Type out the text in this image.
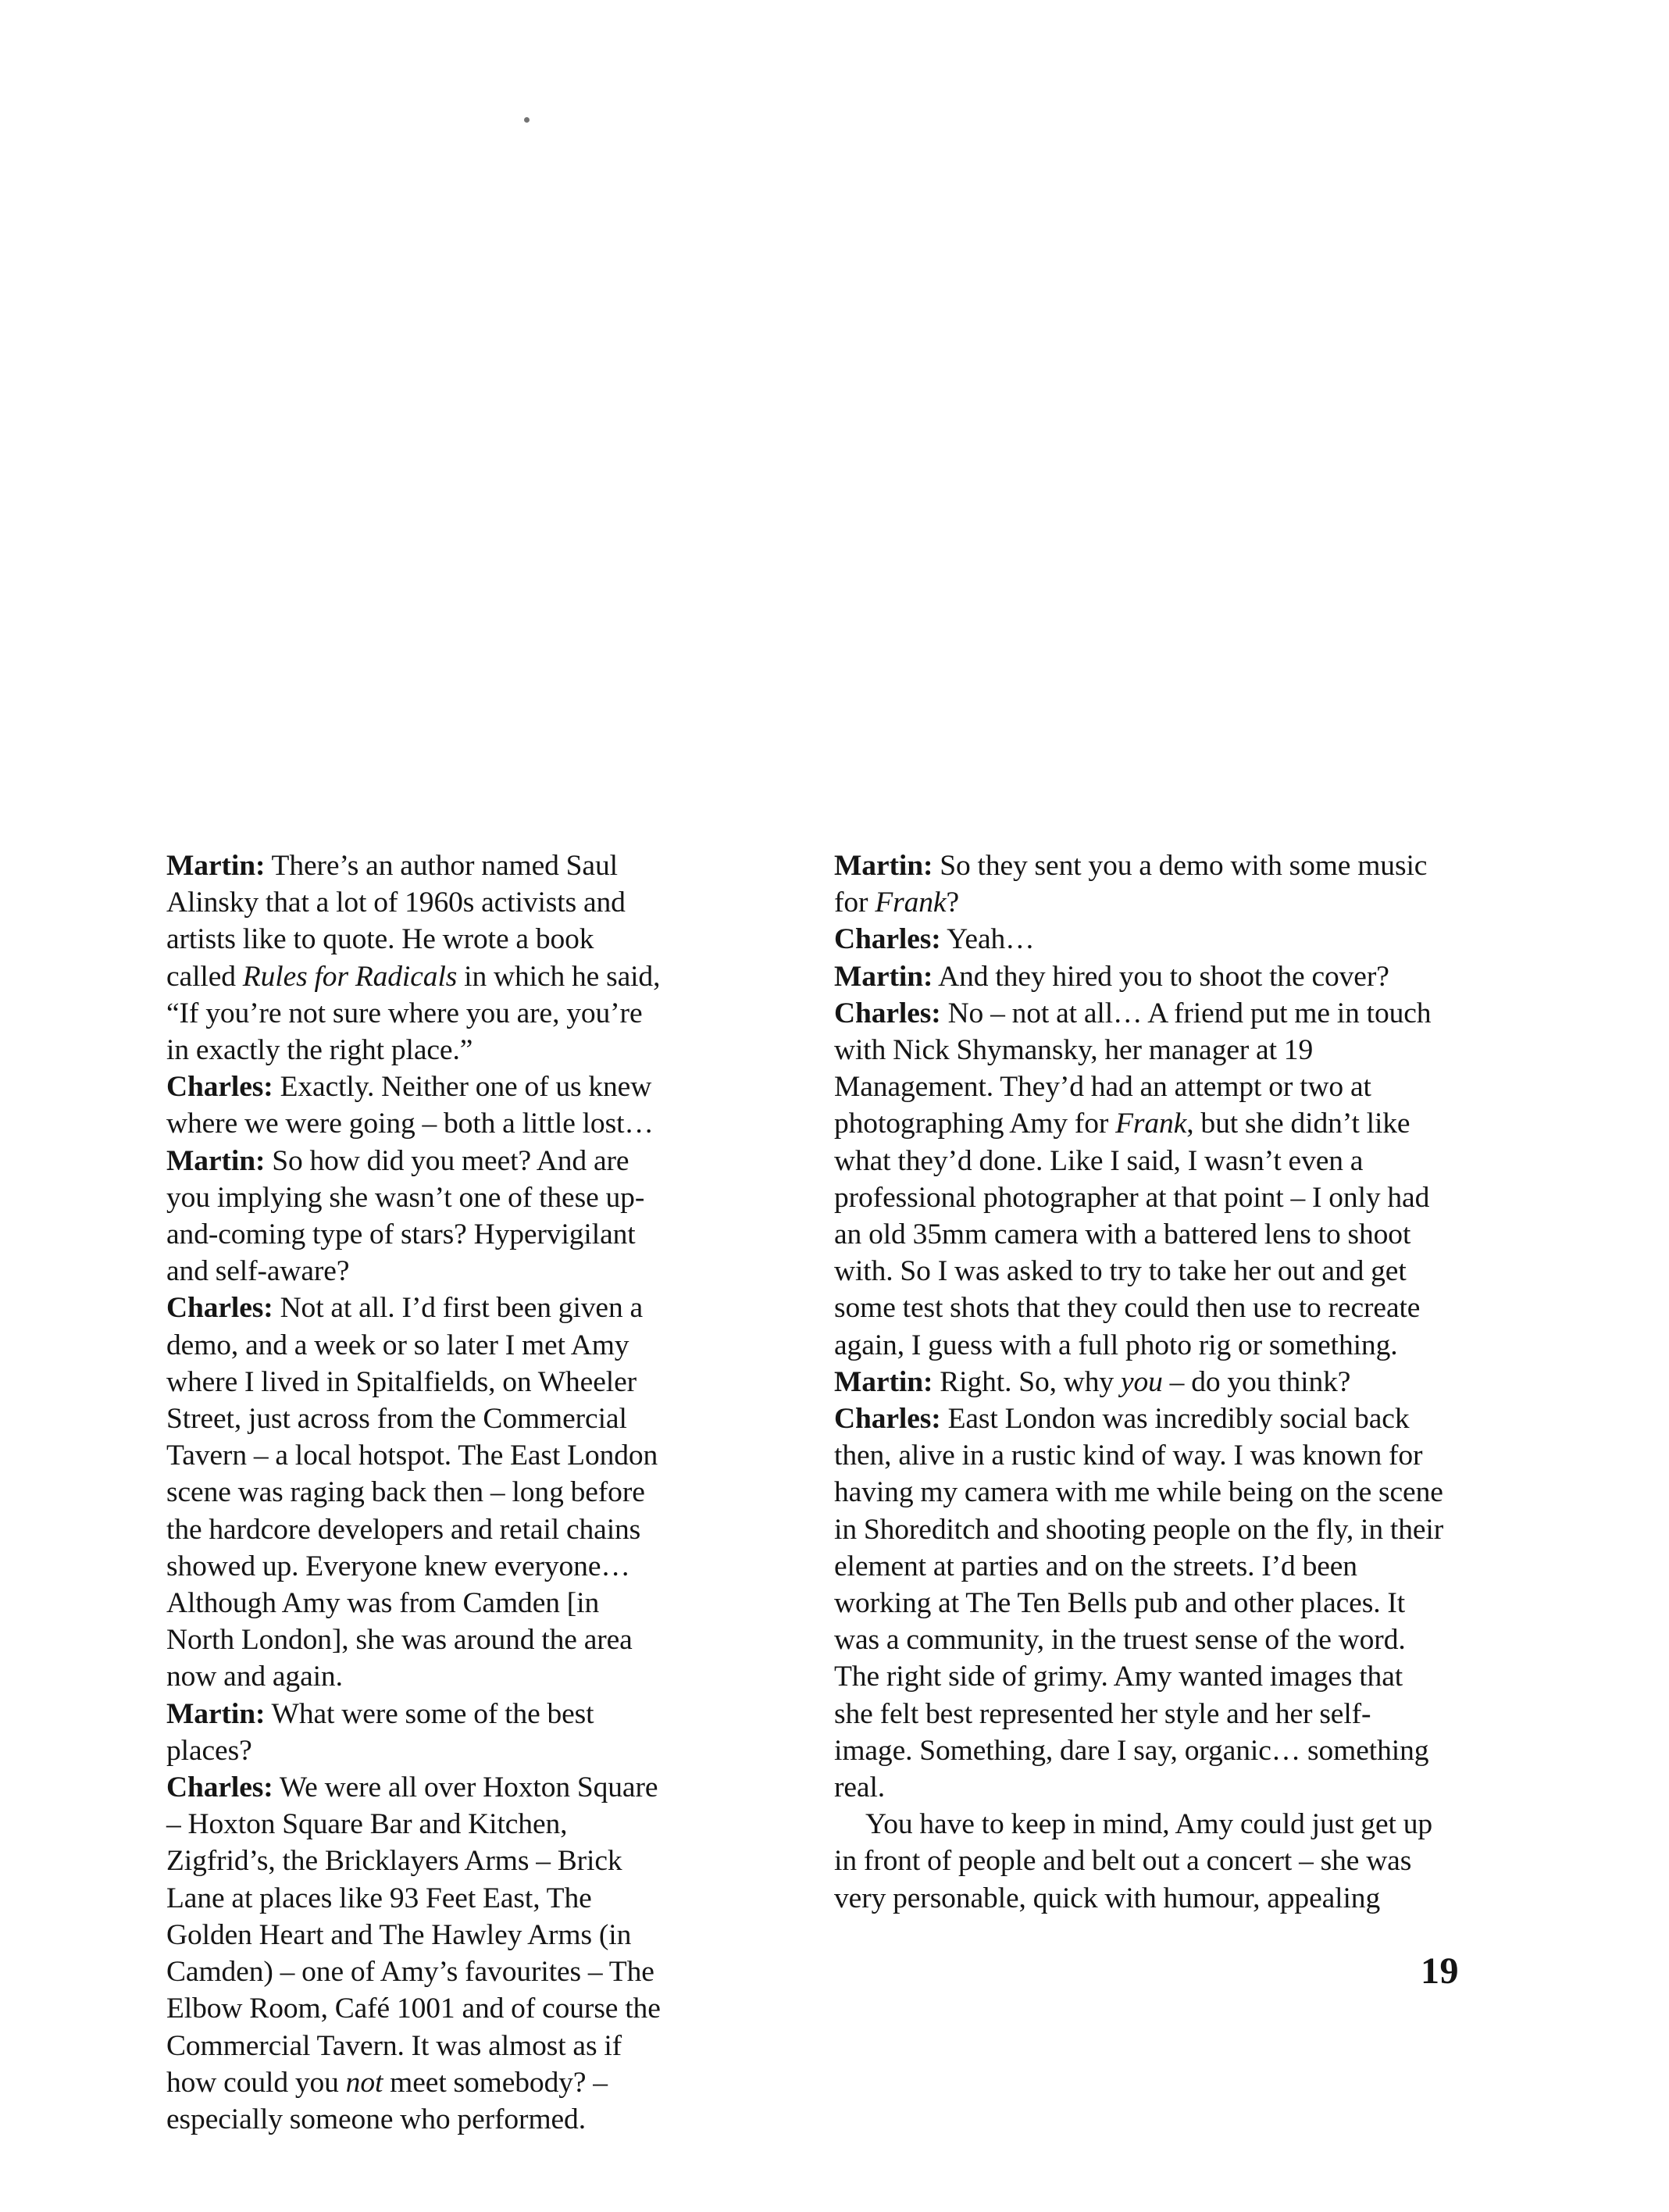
Martin: There’s an author named Saul Alinsky that a lot of 1960s activists and artists like to quote. He wrote a book called Rules for Radicals in which he said, “If you’re not sure where you are, you’re in exactly the right place.”

Charles: Exactly. Neither one of us knew where we were going – both a little lost…

Martin: So how did you meet? And are you implying she wasn’t one of these up-and-coming type of stars? Hypervigilant and self-aware?

Charles: Not at all. I’d first been given a demo, and a week or so later I met Amy where I lived in Spitalfields, on Wheeler Street, just across from the Commercial Tavern – a local hotspot. The East London scene was raging back then – long before the hardcore developers and retail chains showed up. Everyone knew everyone… Although Amy was from Camden [in North London], she was around the area now and again.

Martin: What were some of the best places?

Charles: We were all over Hoxton Square – Hoxton Square Bar and Kitchen, Zigfrid’s, the Bricklayers Arms – Brick Lane at places like 93 Feet East, The Golden Heart and The Hawley Arms (in Camden) – one of Amy’s favourites – The Elbow Room, Café 1001 and of course the Commercial Tavern. It was almost as if how could you not meet somebody? – especially someone who performed.

Martin: So they sent you a demo with some music for Frank?

Charles: Yeah…

Martin: And they hired you to shoot the cover?

Charles: No – not at all… A friend put me in touch with Nick Shymansky, her manager at 19 Management. They’d had an attempt or two at photographing Amy for Frank, but she didn’t like what they’d done. Like I said, I wasn’t even a professional photographer at that point – I only had an old 35mm camera with a battered lens to shoot with. So I was asked to try to take her out and get some test shots that they could then use to recreate again, I guess with a full photo rig or something.

Martin: Right. So, why you – do you think?

Charles: East London was incredibly social back then, alive in a rustic kind of way. I was known for having my camera with me while being on the scene in Shoreditch and shooting people on the fly, in their element at parties and on the streets. I’d been working at The Ten Bells pub and other places. It was a community, in the truest sense of the word. The right side of grimy. Amy wanted images that she felt best represented her style and her self-image. Something, dare I say, organic… something real.

You have to keep in mind, Amy could just get up in front of people and belt out a concert – she was very personable, quick with humour, appealing

19
